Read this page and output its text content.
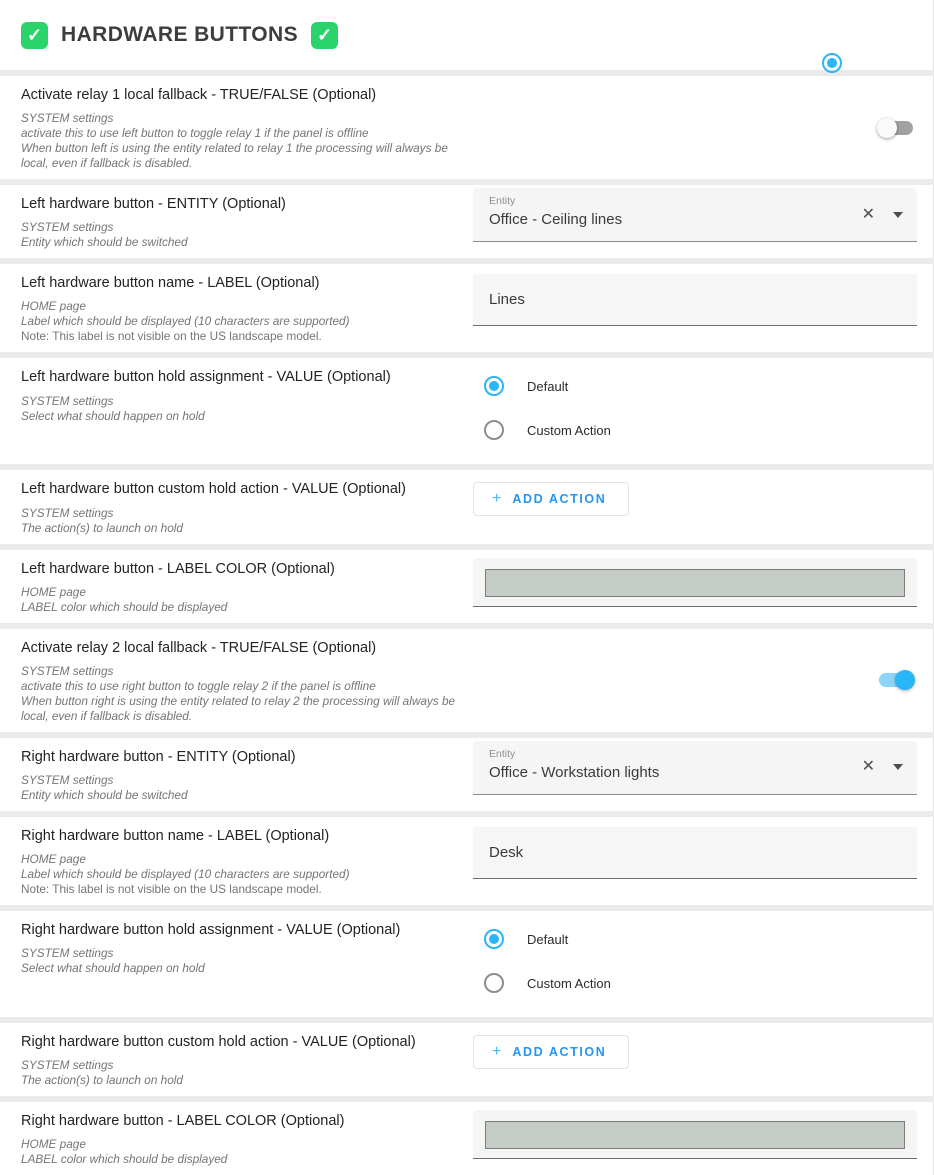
✓ HARDWARE BUTTONS	✓
Activate relay 1 local fallback - TRUE/FALSE (Optional)

SYSTEM settings

activate this to use left button to toggle relay 1 if the panel is offline

When button left is using the entity related to relay 1 the processing will always be local, even if fallback is disabled.

Left hardware button - ENTITY (Optional)

SYSTEM settings

Entity which should be switched

Entity
Office - Ceiling lines	✕
Left hardware button name - LABEL (Optional)

HOME page

Label which should be displayed (10 characters are supported)

Note: This label is not visible on the US landscape model.

Lines
Left hardware button hold assignment - VALUE (Optional)

SYSTEM settings

Select what should happen on hold

Default
Custom Action
Left hardware button custom hold action - VALUE (Optional)

SYSTEM settings

The action(s) to launch on hold

+ ADD ACTION
Left hardware button - LABEL COLOR (Optional)

HOME page

LABEL color which should be displayed

Activate relay 2 local fallback - TRUE/FALSE (Optional)

SYSTEM settings

activate this to use right button to toggle relay 2 if the panel is offline

When button right is using the entity related to relay 2 the processing will always be local, even if fallback is disabled.

Right hardware button - ENTITY (Optional)

SYSTEM settings

Entity which should be switched

Entity
Office - Workstation lights	✕
Right hardware button name - LABEL (Optional)

HOME page

Label which should be displayed (10 characters are supported)

Note: This label is not visible on the US landscape model.

Desk
Right hardware button hold assignment - VALUE (Optional)

SYSTEM settings

Select what should happen on hold

Default
Custom Action
Right hardware button custom hold action - VALUE (Optional)

SYSTEM settings

The action(s) to launch on hold

+ ADD ACTION
Right hardware button - LABEL COLOR (Optional)

HOME page

LABEL color which should be displayed
